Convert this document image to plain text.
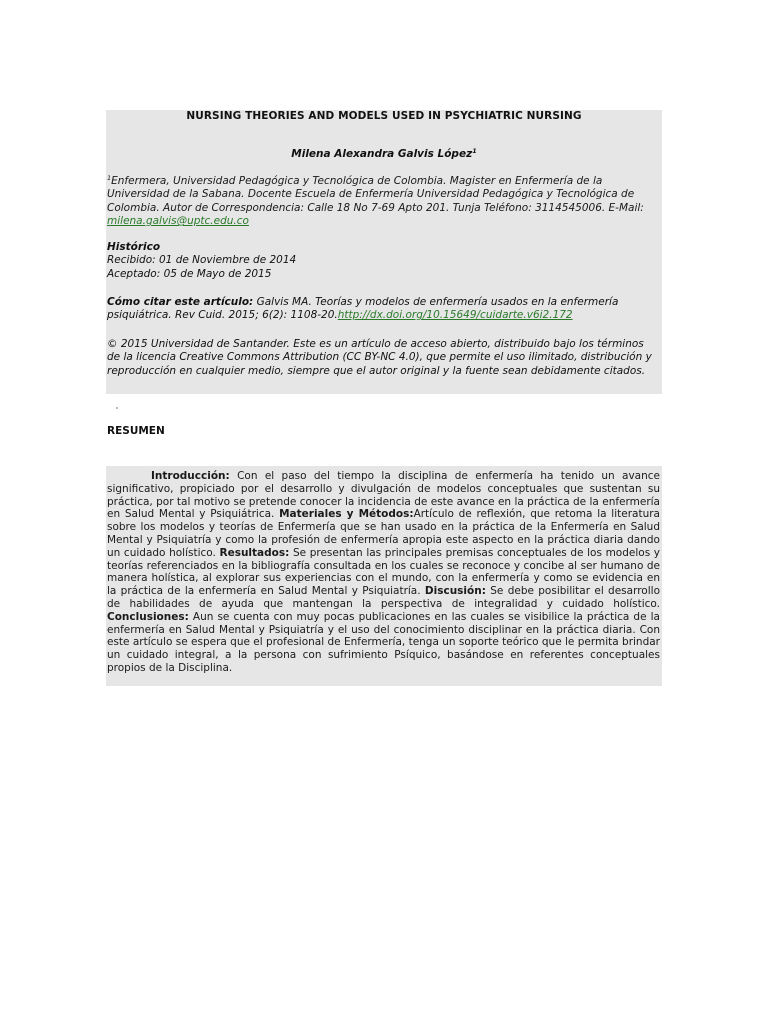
NURSING THEORIES AND MODELS USED IN PSYCHIATRIC NURSING
Milena Alexandra Galvis López$^1$
$^1$Enfermera, Universidad Pedagógica y Tecnológica de Colombia. Magister en Enfermería de la Universidad de la Sabana. Docente Escuela de Enfermería Universidad Pedagógica y Tecnológica de Colombia. Autor de Correspondencia: Calle 18 No 7-69 Apto 201. Tunja Teléfono: 3114545006. E-Mail: milena.galvis@uptc.edu.co
Histórico
Recibido: 01 de Noviembre de 2014
Aceptado: 05 de Mayo de 2015
Cómo citar este artículo: Galvis MA. Teorías y modelos de enfermería usados en la enfermería psiquiátrica. Rev Cuid. 2015; 6(2): 1108-20.http://dx.doi.org/10.15649/cuidarte.v6i2.172
© 2015 Universidad de Santander. Este es un artículo de acceso abierto, distribuido bajo los términos de la licencia Creative Commons Attribution (CC BY-NC 4.0), que permite el uso ilimitado, distribución y reproducción en cualquier medio, siempre que el autor original y la fuente sean debidamente citados.
RESUMEN
Introducción: Con el paso del tiempo la disciplina de enfermería ha tenido un avance significativo, propiciado por el desarrollo y divulgación de modelos conceptuales que sustentan su práctica, por tal motivo se pretende conocer la incidencia de este avance en la práctica de la enfermería en Salud Mental y Psiquiátrica. Materiales y Métodos:Artículo de reflexión, que retoma la literatura sobre los modelos y teorías de Enfermería que se han usado en la práctica de la Enfermería en Salud Mental y Psiquiatría y como la profesión de enfermería apropia este aspecto en la práctica diaria dando un cuidado holístico. Resultados: Se presentan las principales premisas conceptuales de los modelos y teorías referenciados en la bibliografía consultada en los cuales se reconoce y concibe al ser humano de manera holística, al explorar sus experiencias con el mundo, con la enfermería y como se evidencia en la práctica de la enfermería en Salud Mental y Psiquiatría. Discusión: Se debe posibilitar el desarrollo de habilidades de ayuda que mantengan la perspectiva de integralidad y cuidado holístico. Conclusiones: Aun se cuenta con muy pocas publicaciones en las cuales se visibilice la práctica de la enfermería en Salud Mental y Psiquiatría y el uso del conocimiento disciplinar en la práctica diaria. Con este artículo se espera que el profesional de Enfermería, tenga un soporte teórico que le permita brindar un cuidado integral, a la persona con sufrimiento Psíquico, basándose en referentes conceptuales propios de la Disciplina.
